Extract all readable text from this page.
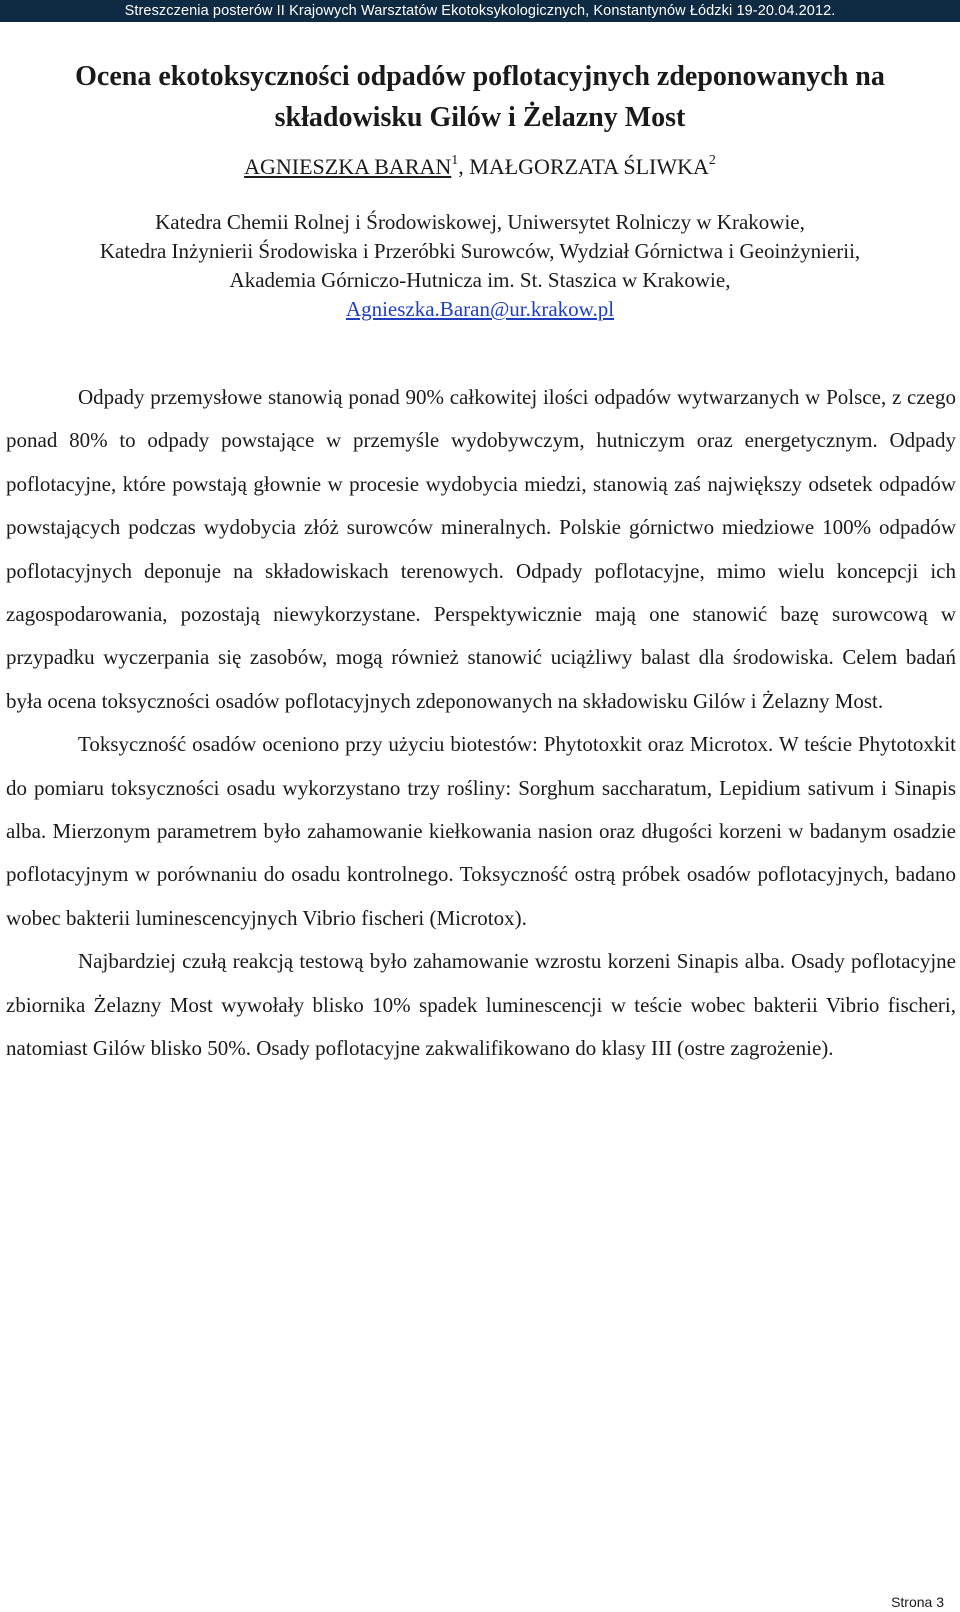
Streszczenia posterów II Krajowych Warsztatów Ekotoksykologicznych, Konstantynów Łódzki 19-20.04.2012.
Ocena ekotoksyczności odpadów poflotacyjnych zdeponowanych na
składowisku Gilów i Żelazny Most
AGNIESZKA BARAN$^1$, MAŁGORZATA ŚLIWKA$^2$
Katedra Chemii Rolnej i Środowiskowej, Uniwersytet Rolniczy w Krakowie,
Katedra Inżynierii Środowiska i Przeróbki Surowców, Wydział Górnictwa i Geoinżynierii,
Akademia Górniczo-Hutnicza im. St. Staszica w Krakowie,
Agnieszka.Baran@ur.krakow.pl

Odpady przemysłowe stanowią ponad 90% całkowitej ilości odpadów wytwarzanych w Polsce, z czego ponad 80% to odpady powstające w przemyśle wydobywczym, hutniczym oraz energetycznym. Odpady poflotacyjne, które powstają głownie w procesie wydobycia miedzi, stanowią zaś największy odsetek odpadów powstających podczas wydobycia złóż surowców mineralnych. Polskie górnictwo miedziowe 100% odpadów poflotacyjnych deponuje na składowiskach terenowych. Odpady poflotacyjne, mimo wielu koncepcji ich zagospodarowania, pozostają niewykorzystane. Perspektywicznie mają one stanowić bazę surowcową w przypadku wyczerpania się zasobów, mogą również stanowić uciążliwy balast dla środowiska. Celem badań była ocena toksyczności osadów poflotacyjnych zdeponowanych na składowisku Gilów i Żelazny Most.

Toksyczność osadów oceniono przy użyciu biotestów: Phytotoxkit oraz Microtox. W teście Phytotoxkit do pomiaru toksyczności osadu wykorzystano trzy rośliny: Sorghum saccharatum, Lepidium sativum i Sinapis alba. Mierzonym parametrem było zahamowanie kiełkowania nasion oraz długości korzeni w badanym osadzie poflotacyjnym w porównaniu do osadu kontrolnego. Toksyczność ostrą próbek osadów poflotacyjnych, badano wobec bakterii luminescencyjnych Vibrio fischeri (Microtox).

Najbardziej czułą reakcją testową było zahamowanie wzrostu korzeni Sinapis alba. Osady poflotacyjne zbiornika Żelazny Most wywołały blisko 10% spadek luminescencji w teście wobec bakterii Vibrio fischeri, natomiast Gilów blisko 50%. Osady poflotacyjne zakwalifikowano do klasy III (ostre zagrożenie).

Strona 3
